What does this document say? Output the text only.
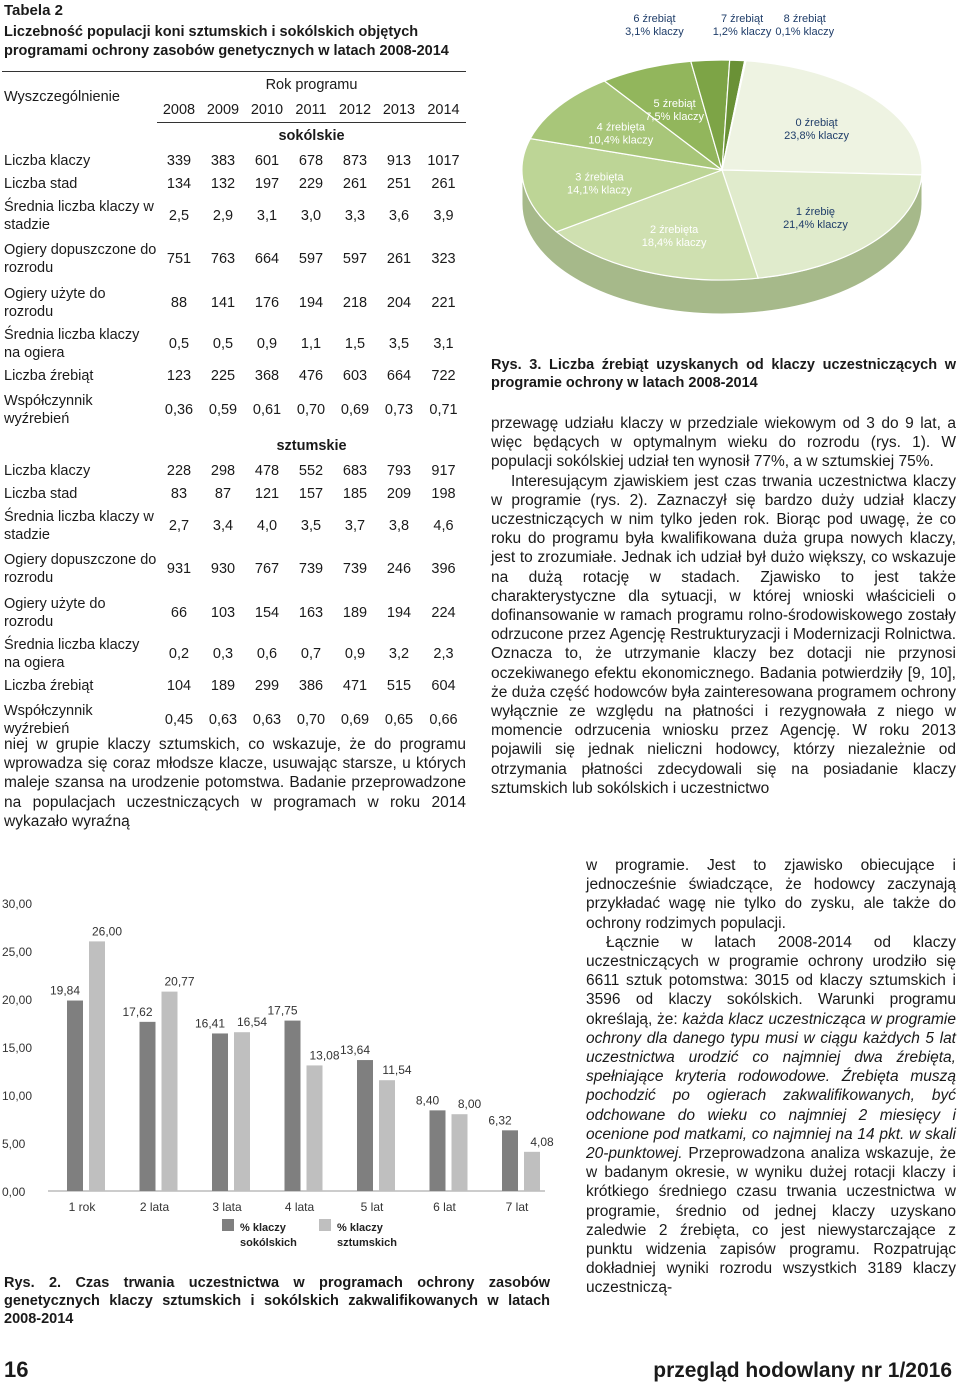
Tabela 2
Liczebność populacji koni sztumskich i sokólskich objętych programami ochrony zasobów genetycznych w latach 2008-2014
Wyszczególnienie	Rok programu						
	2008	2009	2010	2011	2012	2013	2014
	sokólskie						
Liczba klaczy	339	383	601	678	873	913	1017
Liczba stad	134	132	197	229	261	251	261
Średnia liczba klaczy w stadzie	2,5	2,9	3,1	3,0	3,3	3,6	3,9
Ogiery dopuszczone do rozrodu	751	763	664	597	597	261	323
Ogiery użyte do rozrodu	88	141	176	194	218	204	221
Średnia liczba klaczy na ogiera	0,5	0,5	0,9	1,1	1,5	3,5	3,1
Liczba źrebiąt	123	225	368	476	603	664	722
Współczynnik wyźrebień	0,36	0,59	0,61	0,70	0,69	0,73	0,71
	sztumskie						
Liczba klaczy	228	298	478	552	683	793	917
Liczba stad	83	87	121	157	185	209	198
Średnia liczba klaczy w stadzie	2,7	3,4	4,0	3,5	3,7	3,8	4,6
Ogiery dopuszczone do rozrodu	931	930	767	739	739	246	396
Ogiery użyte do rozrodu	66	103	154	163	189	194	224
Średnia liczba klaczy na ogiera	0,2	0,3	0,6	0,7	0,9	3,2	2,3
Liczba źrebiąt	104	189	299	386	471	515	604
Współczynnik wyźrebień	0,45	0,63	0,63	0,70	0,69	0,65	0,66
0,00
5,00
10,00
15,00
20,00
25,00
30,00
19,84
17,62
16,41
17,75
13,64
8,40
6,32
26,00
20,77
16,54
13,08
11,54
8,00
4,08
1 rok	2 lata	3 lata	4 lata	5 lat	6 lat	7 lat
% klaczy
sokólskich
% klaczy
sztumskich
Rys. 2. Czas trwania uczestnictwa w programach ochrony zasobów genetycznych klaczy sztumskich i sokólskich zakwalifikowanych w latach 2008-2014
0 źrebiąt
23,8% klaczy
1 źrebię
21,4% klaczy
2 źrebięta
18,4% klaczy
3 źrebięta
14,1% klaczy
4 źrebięta
10,4% klaczy
5 źrebiąt
7,5% klaczy
6 źrebiąt
3,1% klaczy
7 źrebiąt
1,2% klaczy
8 źrebiąt
0,1% klaczy
Rys. 3. Liczba źrebiąt uzyskanych od klaczy uczestniczących w programie ochrony w latach 2008-2014

niej w grupie klaczy sztumskich, co wskazuje, że do programu wprowadza się coraz młodsze klacze, usuwając starsze, u których maleje szansa na urodzenie potomstwa. Badanie przeprowadzone na populacjach uczestniczących w programach w roku 2014 wykazało wyraźną

przewagę udziału klaczy w przedziale wiekowym od 3 do 9 lat, a więc będących w optymalnym wieku do rozrodu (rys. 1). W populacji sokólskiej udział ten wynosił 77%, a w sztumskiej 75%.

Interesującym zjawiskiem jest czas trwania uczestnictwa klaczy w programie (rys. 2). Zaznaczył się bardzo duży udział klaczy uczestniczących w nim tylko jeden rok. Biorąc pod uwagę, że co roku do programu była kwalifikowana duża grupa nowych klaczy, jest to zrozumiałe. Jednak ich udział był dużo większy, co wskazuje na dużą rotację w stadach. Zjawisko to jest także charakterystyczne dla sytuacji, w której wnioski właścicieli o dofinansowanie w ramach programu rolno-środowiskowego zostały odrzucone przez Agencję Restrukturyzacji i Modernizacji Rolnictwa. Oznacza to, że utrzymanie klaczy bez dotacji nie przynosi oczekiwanego efektu ekonomicznego. Badania potwierdziły [9, 10], że duża część hodowców była zainteresowana programem ochrony wyłącznie ze względu na płatności i rezygnowała z niego w momencie odrzucenia wniosku przez Agencję. W roku 2013 pojawili się jednak nieliczni hodowcy, którzy niezależnie od otrzymania płatności zdecydowali się na posiadanie klaczy sztumskich lub sokólskich i uczestnictwo

w programie. Jest to zjawisko obiecujące i jednocześnie świadczące, że hodowcy zaczynają przykładać wagę nie tylko do zysku, ale także do ochrony rodzimych populacji.

Łącznie w latach 2008-2014 od klaczy uczestniczących w programie ochrony urodziło się 6611 sztuk potomstwa: 3015 od klaczy sztumskich i 3596 od klaczy sokólskich. Warunki programu określają, że: każda klacz uczestnicząca w programie ochrony dla danego typu musi w ciągu każdych 5 lat uczestnictwa urodzić co najmniej dwa źrebięta, spełniające kryteria rodowodowe. Źrebięta muszą pochodzić po ogierach zakwalifikowanych, być odchowane do wieku co najmniej 2 miesięcy i ocenione pod matkami, co najmniej na 14 pkt. w skali 20-punktowej. Przeprowadzona analiza wskazuje, że w badanym okresie, w wyniku dużej rotacji klaczy i krótkiego średniego czasu trwania uczestnictwa w programie, średnio od jednej klaczy uzyskano zaledwie 2 źrebięta, co jest niewystarczające z punktu widzenia zapisów programu. Rozpatrując dokładniej wyniki rozrodu wszystkich 3189 klaczy uczestniczą-

16	przegląd hodowlany nr 1/2016
